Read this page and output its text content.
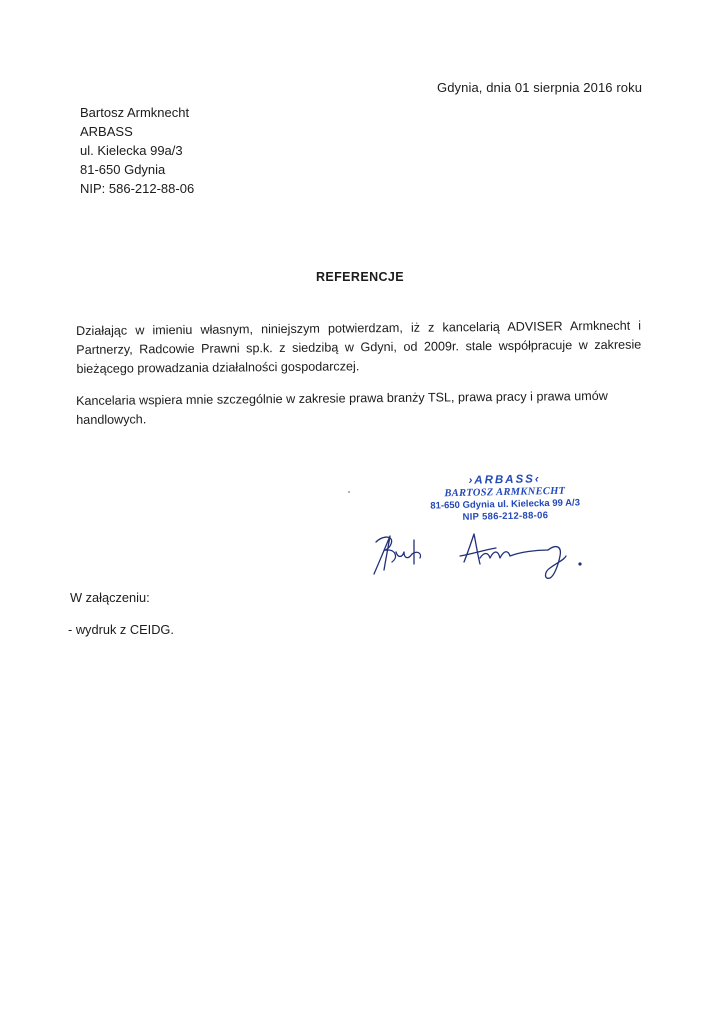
Gdynia, dnia 01 sierpnia 2016 roku
Bartosz Armknecht
ARBASS
ul. Kielecka 99a/3
81-650 Gdynia
NIP: 586-212-88-06
REFERENCJE
Działając w imieniu własnym, niniejszym potwierdzam, iż z kancelarią ADVISER Armknecht i Partnerzy, Radcowie Prawni sp.k. z siedzibą w Gdyni, od 2009r. stale współpracuje w zakresie bieżącego prowadzania działalności gospodarczej.
Kancelaria wspiera mnie szczególnie w zakresie prawa branży TSL, prawa pracy i prawa umów handlowych.
›ARBASS‹
BARTOSZ ARMKNECHT
81-650 Gdynia ul. Kielecka 99 A/3
NIP 586-212-88-06
W załączeniu:
- wydruk z CEIDG.
